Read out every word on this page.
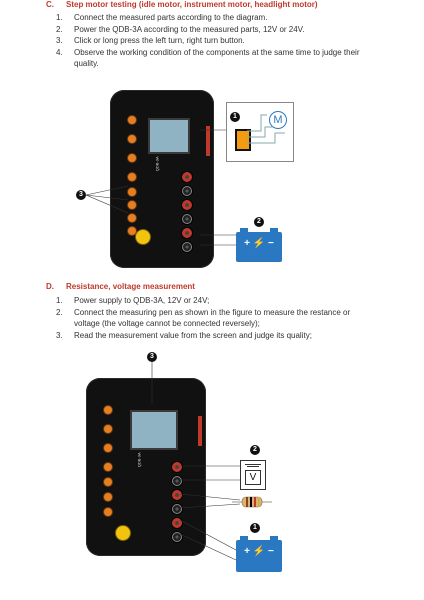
C. Step motor testing (idle motor, instrument motor, headlight motor)
1. Connect the measured parts according to the diagram.
2. Power the QDB-3A according to the measured parts, 12V or 24V.
3. Click or long press the left turn, right turn button.
4. Observe the working condition of the components at the same time to judge their
quality.
QDB-3A
M
1
2
3
+ ⚡ −
D. Resistance, voltage measurement
1. Power supply to QDB-3A, 12V or 24V;
2. Connect the measuring pen as shown in the figure to measure the restance or
voltage (the voltage cannot be connected reversely);
3. Read the measurement value from the screen and judge its quality;
QDB-3A
3
2
1
V
+ ⚡ −
